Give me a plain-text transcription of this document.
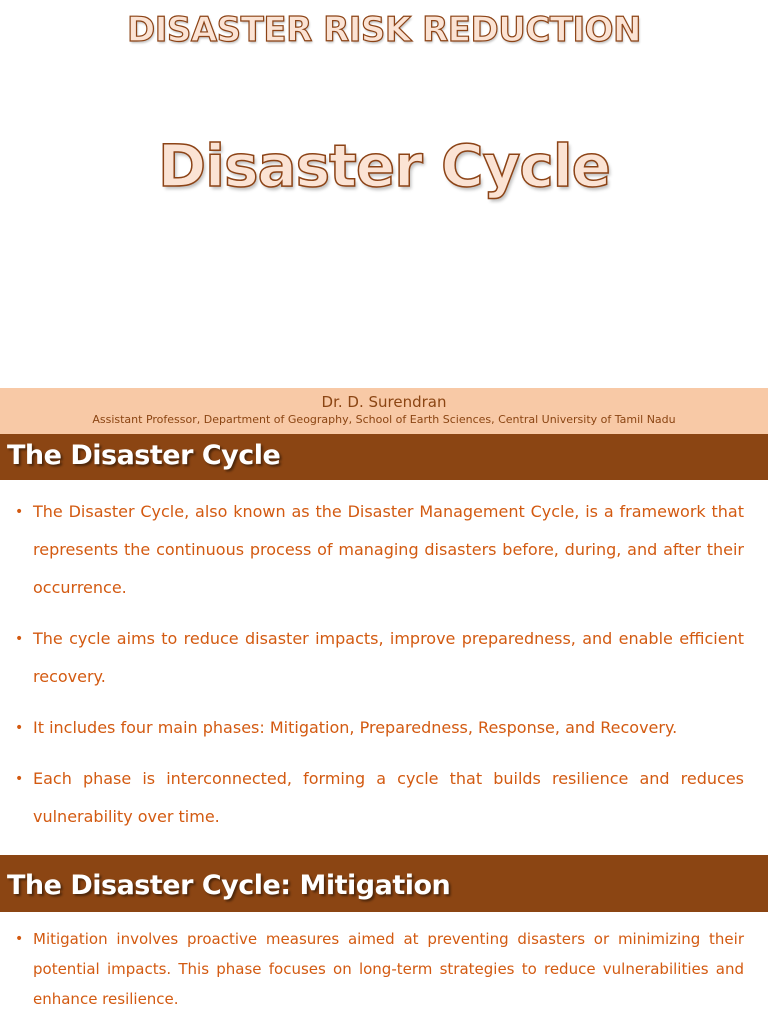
DISASTER RISK REDUCTION
Disaster Cycle
Dr. D. Surendran
Assistant Professor, Department of Geography, School of Earth Sciences, Central University of Tamil Nadu
The Disaster Cycle
• The Disaster Cycle, also known as the Disaster Management Cycle, is a framework that represents the continuous process of managing disasters before, during, and after their occurrence.
• The cycle aims to reduce disaster impacts, improve preparedness, and enable efficient recovery.
• It includes four main phases: Mitigation, Preparedness, Response, and Recovery.
• Each phase is interconnected, forming a cycle that builds resilience and reduces vulnerability over time.
The Disaster Cycle: Mitigation
• Mitigation involves proactive measures aimed at preventing disasters or minimizing their potential impacts. This phase focuses on long-term strategies to reduce vulnerabilities and enhance resilience.
